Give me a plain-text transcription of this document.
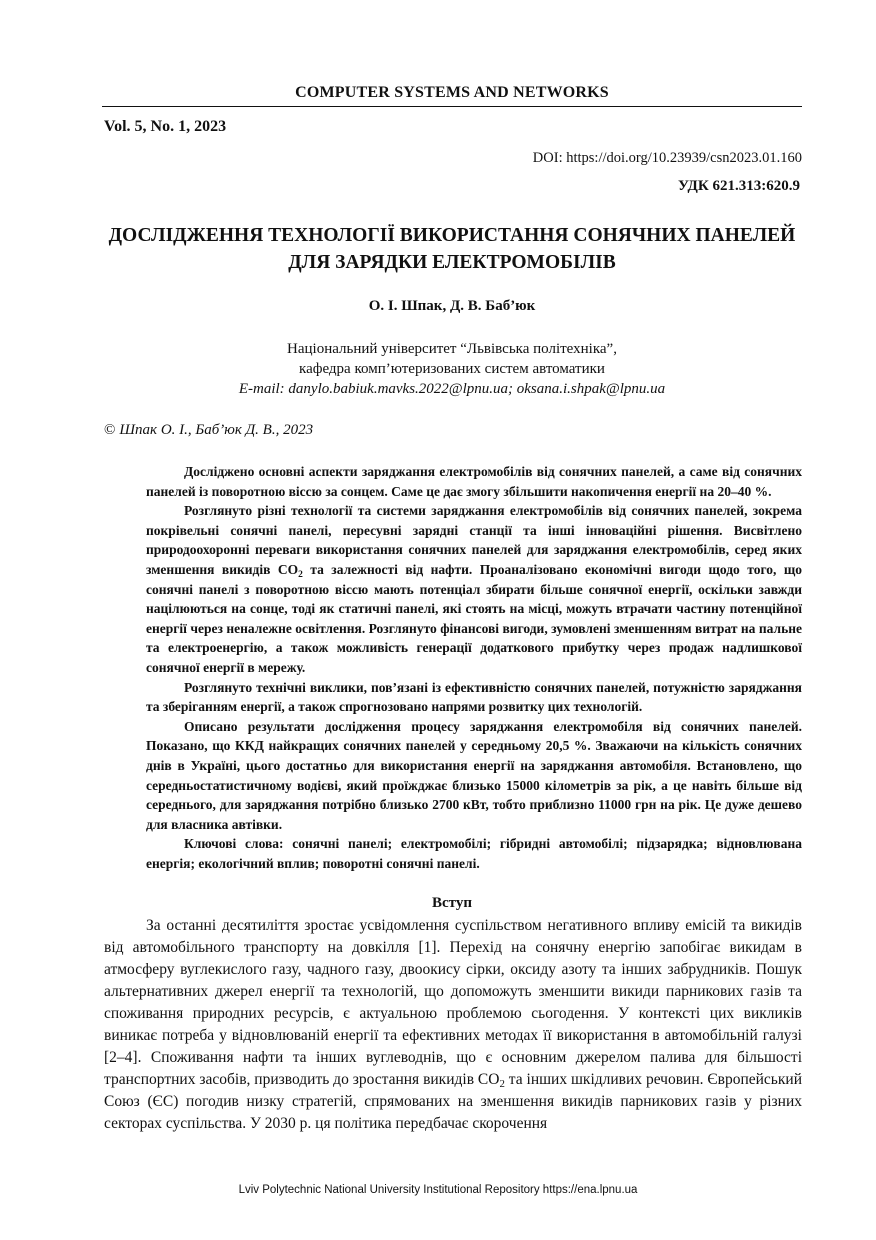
COMPUTER SYSTEMS AND NETWORKS
Vol. 5, No. 1, 2023
DOI: https://doi.org/10.23939/csn2023.01.160
УДК 621.313:620.9
ДОСЛІДЖЕННЯ ТЕХНОЛОГІЇ ВИКОРИСТАННЯ СОНЯЧНИХ ПАНЕЛЕЙ ДЛЯ ЗАРЯДКИ ЕЛЕКТРОМОБІЛІВ
О. І. Шпак, Д. В. Баб’юк
Національний університет “Львівська політехніка”,
кафедра комп’ютеризованих систем автоматики
E-mail: danylo.babiuk.mavks.2022@lpnu.ua; oksana.i.shpak@lpnu.ua
© Шпак О. І., Баб’юк Д. В., 2023

Досліджено основні аспекти заряджання електромобілів від сонячних панелей, а саме від сонячних панелей із поворотною віссю за сонцем. Саме це дає змогу збільшити накопичення енергії на 20–40 %.

Розглянуто різні технології та системи заряджання електромобілів від сонячних панелей, зокрема покрівельні сонячні панелі, пересувні зарядні станції та інші інноваційні рішення. Висвітлено природоохоронні переваги використання сонячних панелей для заряджання електромобілів, серед яких зменшення викидів $CO_2$ та залежності від нафти. Проаналізовано економічні вигоди щодо того, що сонячні панелі з поворотною віссю мають потенціал збирати більше сонячної енергії, оскільки завжди націлюються на сонце, тоді як статичні панелі, які стоять на місці, можуть втрачати частину потенційної енергії через неналежне освітлення. Розглянуто фінансові вигоди, зумовлені зменшенням витрат на пальне та електроенергію, а також можливість генерації додаткового прибутку через продаж надлишкової сонячної енергії в мережу.

Розглянуто технічні виклики, пов’язані із ефективністю сонячних панелей, потужністю заряджання та зберіганням енергії, а також спрогнозовано напрями розвитку цих технологій.

Описано результати дослідження процесу заряджання електромобіля від сонячних панелей. Показано, що ККД найкращих сонячних панелей у середньому 20,5 %. Зважаючи на кількість сонячних днів в Україні, цього достатньо для використання енергії на заряджання автомобіля. Встановлено, що середньостатистичному водієві, який проїжджає близько 15000 кілометрів за рік, а це навіть більше від середнього, для заряджання потрібно близько 2700 кВт, тобто приблизно 11000 грн на рік. Це дуже дешево для власника автівки.

Ключові слова: сонячні панелі; електромобілі; гібридні автомобілі; підзарядка; відновлювана енергія; екологічний вплив; поворотні сонячні панелі.

Вступ

За останні десятиліття зростає усвідомлення суспільством негативного впливу емісій та викидів від автомобільного транспорту на довкілля [1]. Перехід на сонячну енергію запобігає викидам в атмосферу вуглекислого газу, чадного газу, двоокису сірки, оксиду азоту та інших забрудників. Пошук альтернативних джерел енергії та технологій, що допоможуть зменшити викиди парникових газів та споживання природних ресурсів, є актуальною проблемою сьогодення. У контексті цих викликів виникає потреба у відновлюваній енергії та ефективних методах її використання в автомобільній галузі [2–4]. Споживання нафти та інших вуглеводнів, що є основним джерелом палива для більшості транспортних засобів, призводить до зростання викидів $CO_2$ та інших шкідливих речовин. Європейський Союз (ЄС) погодив низку стратегій, спрямованих на зменшення викидів парникових газів у різних секторах суспільства. У 2030 р. ця політика передбачає скорочення

Lviv Polytechnic National University Institutional Repository https://ena.lpnu.ua
